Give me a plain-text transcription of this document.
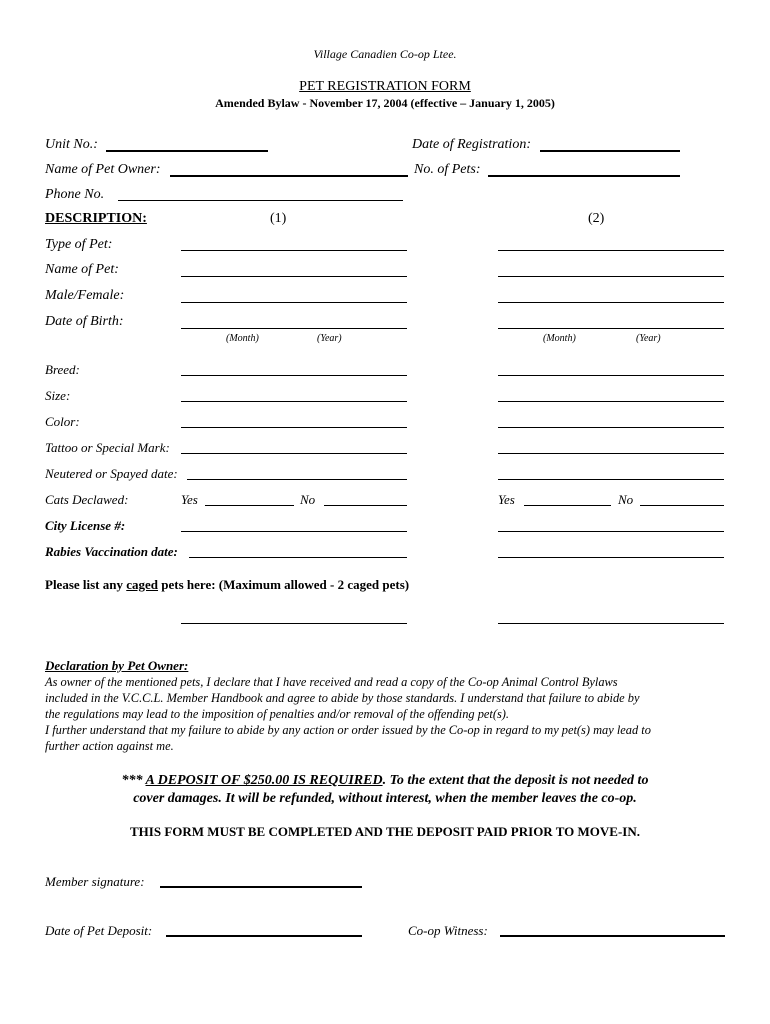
Village Canadien Co-op Ltee.
PET REGISTRATION FORM
Amended Bylaw - November 17, 2004 (effective – January 1, 2005)
Unit No.:	Date of Registration:
Name of Pet Owner:	No. of Pets:
Phone No.
DESCRIPTION:	(1)	(2)
Type of Pet:
Name of Pet:
Male/Female:
Date of Birth:
(Month)	(Year)	(Month)	(Year)
Breed:
Size:
Color:
Tattoo or Special Mark:
Neutered or Spayed date:
Cats Declawed:	Yes	No	Yes	No
City License #:
Rabies Vaccination date:
Please list any caged pets here: (Maximum allowed - 2 caged pets)
Declaration by Pet Owner:
As owner of the mentioned pets, I declare that I have received and read a copy of the Co-op Animal Control Bylaws
included in the V.C.C.L. Member Handbook and agree to abide by those standards. I understand that failure to abide by
the regulations may lead to the imposition of penalties and/or removal of the offending pet(s).
I further understand that my failure to abide by any action or order issued by the Co-op in regard to my pet(s) may lead to
further action against me.
*** A DEPOSIT OF $250.00 IS REQUIRED. To the extent that the deposit is not needed to
cover damages. It will be refunded, without interest, when the member leaves the co-op.
THIS FORM MUST BE COMPLETED AND THE DEPOSIT PAID PRIOR TO MOVE-IN.
Member signature:
Date of Pet Deposit:	Co-op Witness:
